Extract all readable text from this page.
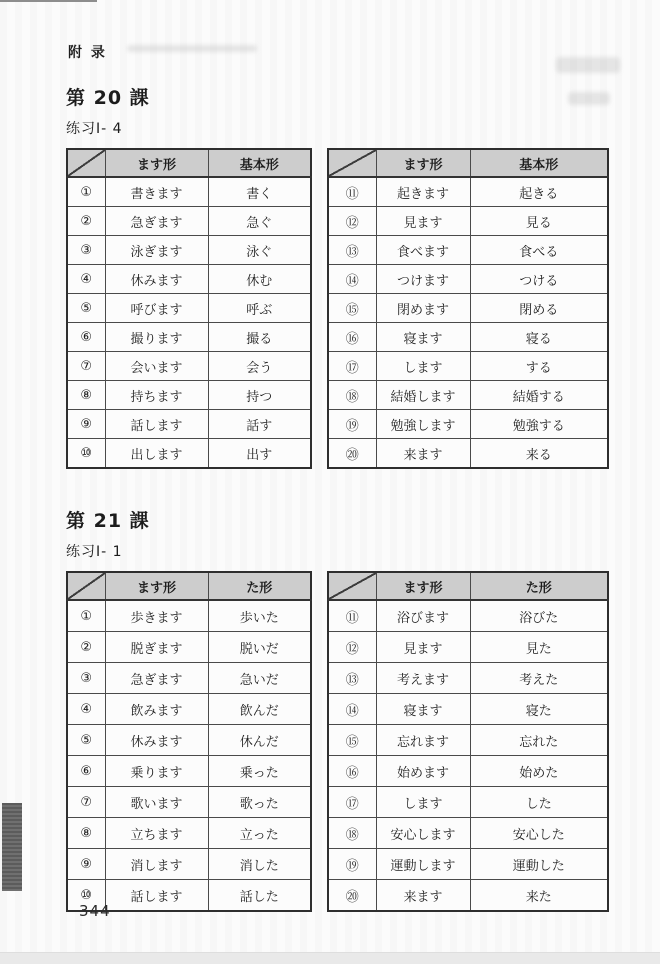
附 录
第 20 課
练习Ⅰ- 4
	ます形	基本形
①	書きます	書く
②	急ぎます	急ぐ
③	泳ぎます	泳ぐ
④	休みます	休む
⑤	呼びます	呼ぶ
⑥	撮ります	撮る
⑦	会います	会う
⑧	持ちます	持つ
⑨	話します	話す
⑩	出します	出す
	ます形	基本形
⑪	起きます	起きる
⑫	見ます	見る
⑬	食べます	食べる
⑭	つけます	つける
⑮	閉めます	閉める
⑯	寝ます	寝る
⑰	します	する
⑱	結婚します	結婚する
⑲	勉強します	勉強する
⑳	来ます	来る
第 21 課
练习Ⅰ- 1
	ます形	た形
①	歩きます	歩いた
②	脱ぎます	脱いだ
③	急ぎます	急いだ
④	飲みます	飲んだ
⑤	休みます	休んだ
⑥	乗ります	乗った
⑦	歌います	歌った
⑧	立ちます	立った
⑨	消します	消した
⑩	話します	話した
	ます形	た形
⑪	浴びます	浴びた
⑫	見ます	見た
⑬	考えます	考えた
⑭	寝ます	寝た
⑮	忘れます	忘れた
⑯	始めます	始めた
⑰	します	した
⑱	安心します	安心した
⑲	運動します	運動した
⑳	来ます	来た
344
